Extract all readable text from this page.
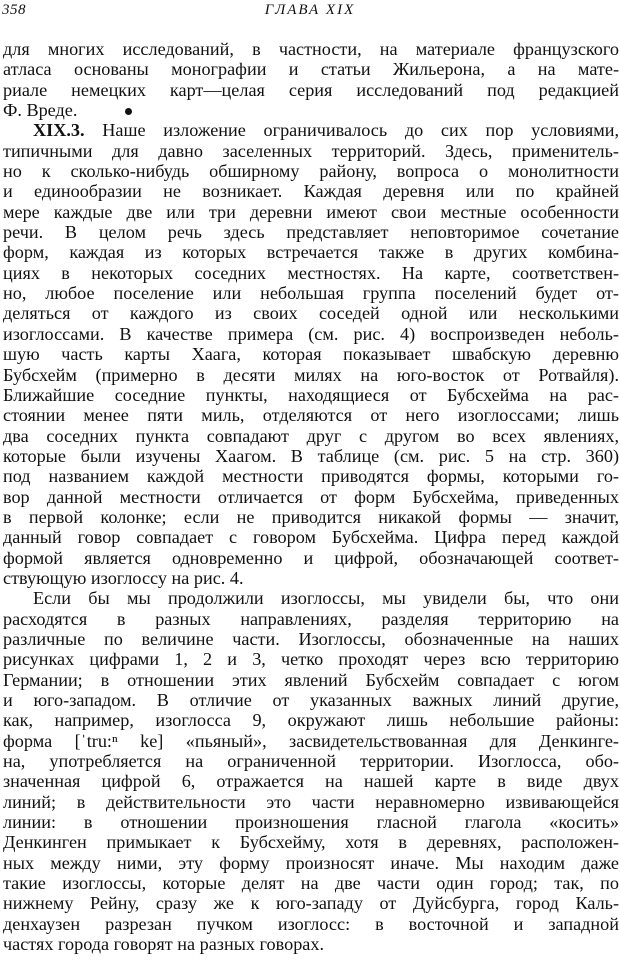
358	ГЛАВА XIX
для многих исследований, в частности, на материале французского
атласа основаны монографии и статьи Жильерона, а на мате-
риале немецких карт—целая серия исследований под редакцией
Ф. Вреде.
XIX.3. Наше изложение ограничивалось до сих пор условиями,
типичными для давно заселенных территорий. Здесь, применитель-
но к сколько-нибудь обширному району, вопроса о монолитности
и единообразии не возникает. Каждая деревня или по крайней
мере каждые две или три деревни имеют свои местные особенности
речи. В целом речь здесь представляет неповторимое сочетание
форм, каждая из которых встречается также в других комбина-
циях в некоторых соседних местностях. На карте, соответствен-
но, любое поселение или небольшая группа поселений будет от-
деляться от каждого из своих соседей одной или несколькими
изоглоссами. В качестве примера (см. рис. 4) воспроизведен неболь-
шую часть карты Хаага, которая показывает швабскую деревню
Бубсхейм (примерно в десяти милях на юго-восток от Ротвайля).
Ближайшие соседние пункты, находящиеся от Бубсхейма на рас-
стоянии менее пяти миль, отделяются от него изоглоссами; лишь
два соседних пункта совпадают друг с другом во всех явлениях,
которые были изучены Хаагом. В таблице (см. рис. 5 на стр. 360)
под названием каждой местности приводятся формы, которыми го-
вор данной местности отличается от форм Бубсхейма, приведенных
в первой колонке; если не приводится никакой формы — значит,
данный говор совпадает с говором Бубсхейма. Цифра перед каждой
формой является одновременно и цифрой, обозначающей соответ-
ствующую изоглоссу на рис. 4.
Если бы мы продолжили изоглоссы, мы увидели бы, что они
расходятся в разных направлениях, разделяя территорию на
различные по величине части. Изоглоссы, обозначенные на наших
рисунках цифрами 1, 2 и 3, четко проходят через всю территорию
Германии; в отношении этих явлений Бубсхейм совпадает с югом
и юго-западом. В отличие от указанных важных линий другие,
как, например, изоглосса 9, окружают лишь небольшие районы:
форма [ˈtru:ⁿ ke] «пьяный», засвидетельствованная для Денкинге-
на, употребляется на ограниченной территории. Изоглосса, обо-
значенная цифрой 6, отражается на нашей карте в виде двух
линий; в действительности это части неравномерно извивающейся
линии: в отношении произношения гласной глагола «косить»
Денкинген примыкает к Бубсхейму, хотя в деревнях, расположен-
ных между ними, эту форму произносят иначе. Мы находим даже
такие изоглоссы, которые делят на две части один город; так, по
нижнему Рейну, сразу же к юго-западу от Дуйсбурга, город Каль-
денхаузен разрезан пучком изоглосс: в восточной и западной
частях города говорят на разных говорах.
